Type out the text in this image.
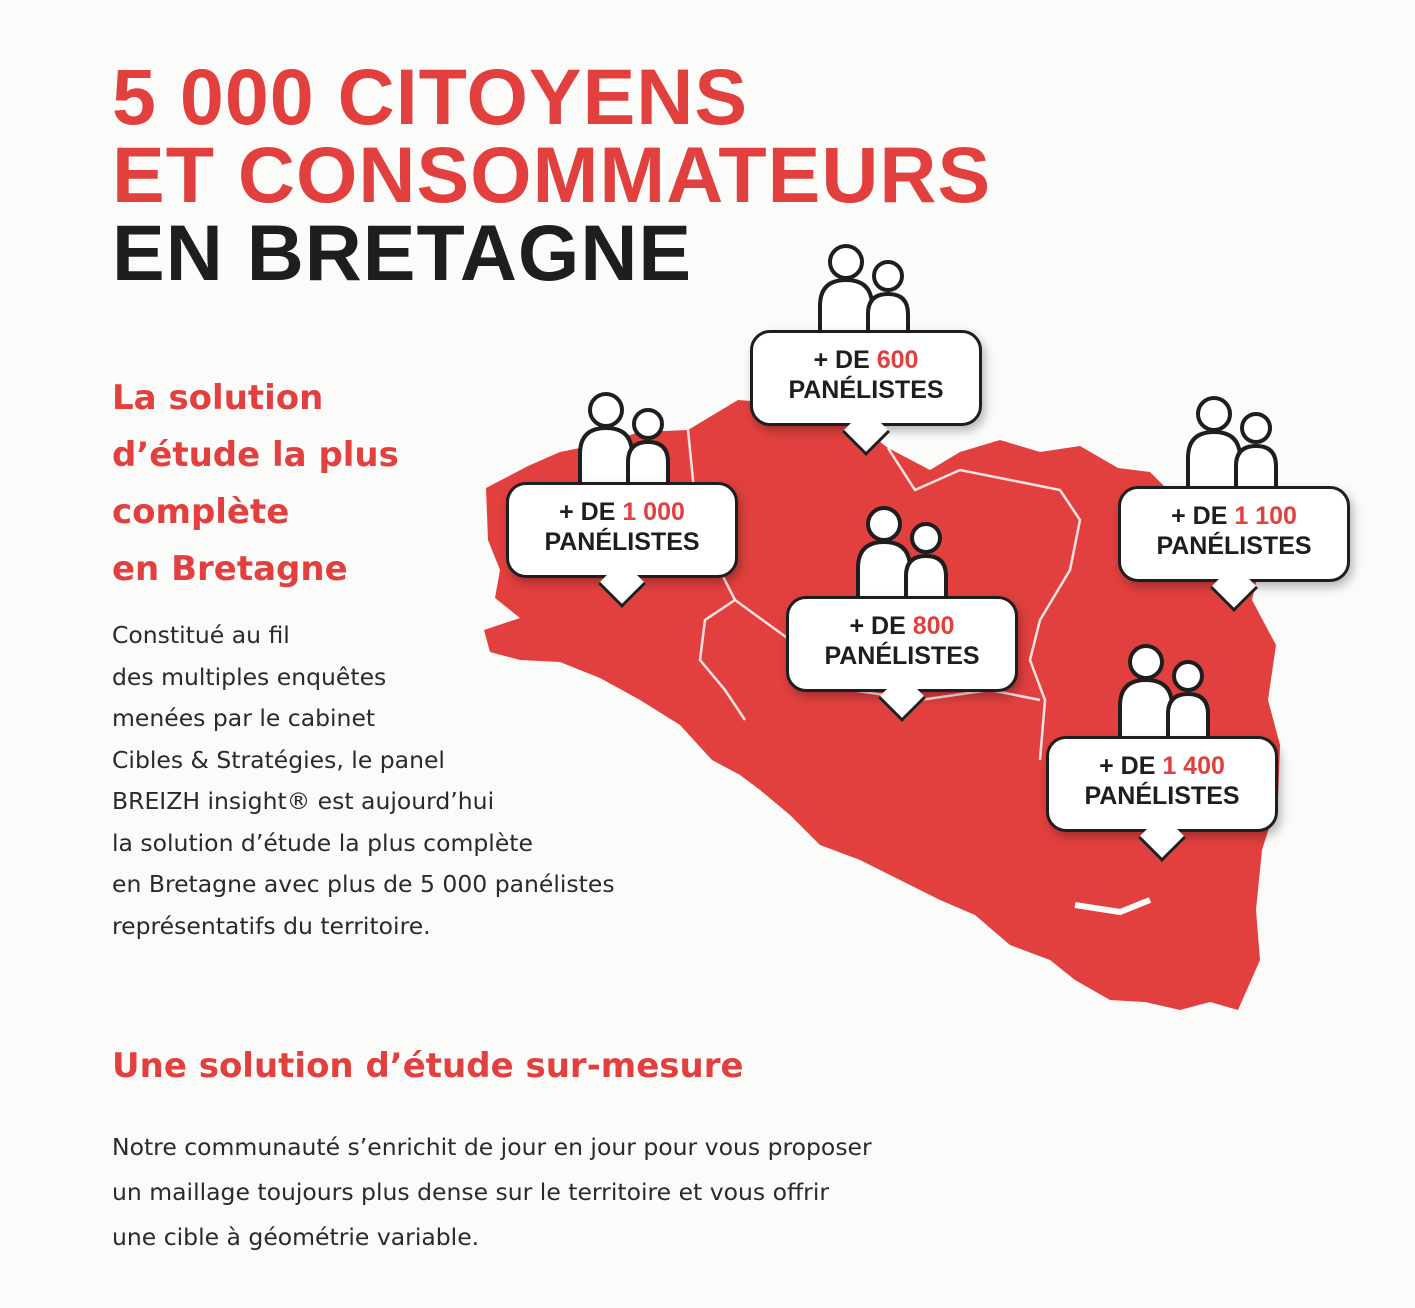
5 000 CITOYENS
ET CONSOMMATEURS
EN BRETAGNE
La solution
d’étude la plus
complète
en Bretagne

Constitué au fil
des multiples enquêtes
menées par le cabinet
Cibles & Stratégies, le panel
BREIZH insight® est aujourd’hui
la solution d’étude la plus complète
en Bretagne avec plus de 5 000 panélistes
représentatifs du territoire.

Une solution d’étude sur-mesure

Notre communauté s’enrichit de jour en jour pour vous proposer
un maillage toujours plus dense sur le territoire et vous offrir
une cible à géométrie variable.

+ DE 600
PANÉLISTES
+ DE 1 000
PANÉLISTES
+ DE 800
PANÉLISTES
+ DE 1 100
PANÉLISTES
+ DE 1 400
PANÉLISTES
